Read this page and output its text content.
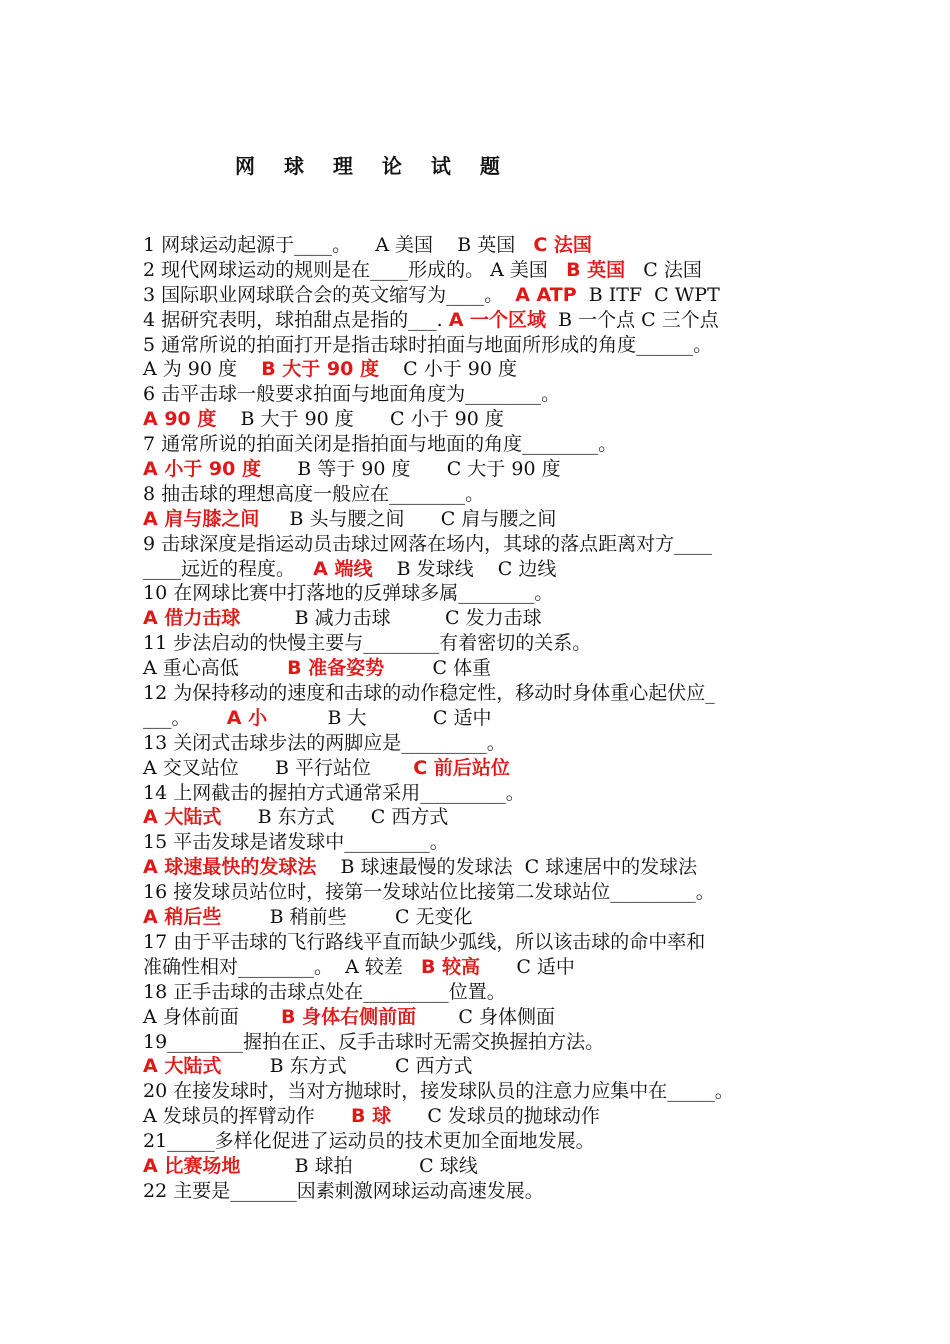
网 球 理 论 试 题
1 网球运动起源于____。    A 美国    B 英国   C 法国
2 现代网球运动的规则是在____形成的。 A 美国   B 英国   C 法国
3 国际职业网球联合会的英文缩写为____。  A ATP  B ITF  C WPT
4 据研究表明，球拍甜点是指的___. A 一个区域  B 一个点 C 三个点
5 通常所说的拍面打开是指击球时拍面与地面所形成的角度______。
A 为 90 度    B 大于 90 度    C 小于 90 度
6 击平击球一般要求拍面与地面角度为________。
A 90 度    B 大于 90 度      C 小于 90 度
7 通常所说的拍面关闭是指拍面与地面的角度________。
A 小于 90 度      B 等于 90 度      C 大于 90 度
8 抽击球的理想高度一般应在________。
A 肩与膝之间     B 头与腰之间      C 肩与腰之间
9 击球深度是指运动员击球过网落在场内，其球的落点距离对方____
____远近的程度。   A 端线    B 发球线    C 边线
10 在网球比赛中打落地的反弹球多属________。
A 借力击球         B 减力击球         C 发力击球
11 步法启动的快慢主要与________有着密切的关系。
A 重心高低        B 准备姿势        C 体重
12 为保持移动的速度和击球的动作稳定性，移动时身体重心起伏应_
___。      A 小          B 大           C 适中
13 关闭式击球步法的两脚应是_________。
A 交叉站位      B 平行站位       C 前后站位
14 上网截击的握拍方式通常采用_________。
A 大陆式      B 东方式      C 西方式
15 平击发球是诸发球中_________。
A 球速最快的发球法    B 球速最慢的发球法  C 球速居中的发球法
16 接发球员站位时，接第一发球站位比接第二发球站位_________。
A 稍后些        B 稍前些        C 无变化
17 由于平击球的飞行路线平直而缺少弧线，所以该击球的命中率和
准确性相对________。  A 较差   B 较高      C 适中
18 正手击球的击球点处在_________位置。
A 身体前面       B 身体右侧前面       C 身体侧面
19________握拍在正、反手击球时无需交换握拍方法。
A 大陆式        B 东方式        C 西方式
20 在接发球时，当对方抛球时，接发球队员的注意力应集中在_____。
A 发球员的挥臂动作      B 球      C 发球员的抛球动作
21_____多样化促进了运动员的技术更加全面地发展。
A 比赛场地         B 球拍           C 球线
22 主要是_______因素刺激网球运动高速发展。
